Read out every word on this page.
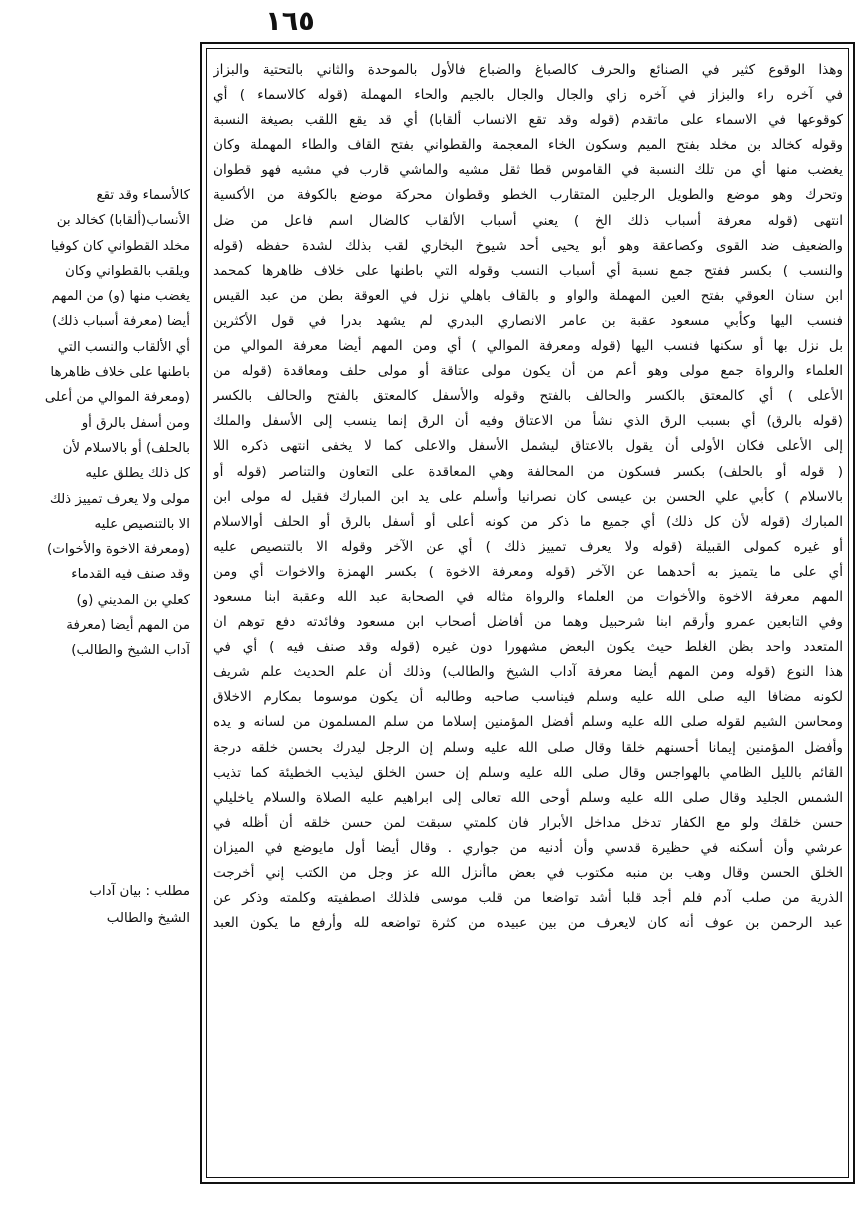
١٦٥
وهذا الوقوع كثير في الصنائع والحرف كالصباغ والضباع فالأول بالموحدة والثاني بالتحتية والبزاز
في آخره راء والبزاز في آخره زاي والجال والجال بالجيم والحاء المهملة (قوله كالاسماء ) أي
كوقوعها في الاسماء على ماتقدم (قوله وقد تقع الانساب ألقابا) أي قد يقع اللقب بصيغة النسبة
وقوله كخالد بن مخلد بفتح الميم وسكون الخاء المعجمة والقطواني بفتح القاف والطاء المهملة وكان
يغضب منها أي من تلك النسبة في القاموس قطا ثقل مشيه والماشي قارب في مشيه فهو قطوان
وتحرك وهو موضع والطويل الرجلين المتقارب الخطو وقطوان محركة موضع بالكوفة من الأكسية
انتهى (قوله معرفة أسباب ذلك الخ ) يعني أسباب الألقاب كالضال اسم فاعل من ضل
والضعيف ضد القوى وكصاعقة وهو أبو يحيى أحد شيوخ البخاري لقب بذلك لشدة حفظه (قوله
والنسب ) بكسر ففتح جمع نسبة أي أسباب النسب وقوله التي باطنها على خلاف ظاهرها كمحمد
ابن سنان العوقي بفتح العين المهملة والواو و بالقاف باهلي نزل في العوقة بطن من عبد القيس
فنسب اليها وكأبي مسعود عقبة بن عامر الانصاري البدري لم يشهد بدرا في قول الأكثرين
بل نزل بها أو سكنها فنسب اليها (قوله ومعرفة الموالي ) أي ومن المهم أيضا معرفة الموالي من
العلماء والرواة جمع مولى وهو أعم من أن يكون مولى عتاقة أو مولى حلف ومعاقدة (قوله من
الأعلى ) أي كالمعتق بالكسر والحالف بالفتح وقوله والأسفل كالمعتق بالفتح والحالف بالكسر
(قوله بالرق) أي بسبب الرق الذي نشأ من الاعتاق وفيه أن الرق إنما ينسب إلى الأسفل والملك
إلى الأعلى فكان الأولى أن يقول بالاعتاق ليشمل الأسفل والاعلى كما لا يخفى انتهى ذكره اللا
( قوله أو بالحلف) بكسر فسكون من المحالفة وهي المعاقدة على التعاون والتناصر (قوله أو
بالاسلام ) كأبي علي الحسن بن عيسى كان نصرانيا وأسلم على يد ابن المبارك فقيل له مولى ابن
المبارك (قوله لأن كل ذلك) أي جميع ما ذكر من كونه أعلى أو أسفل بالرق أو الحلف أوالاسلام
أو غيره كمولى القبيلة (قوله ولا يعرف تمييز ذلك ) أي عن الآخر وقوله الا بالتنصيص عليه
أي على ما يتميز به أحدهما عن الآخر (قوله ومعرفة الاخوة ) بكسر الهمزة والاخوات أي ومن
المهم معرفة الاخوة والأخوات من العلماء والرواة مثاله في الصحابة عبد الله وعقبة ابنا مسعود
وفي التابعين عمرو وأرقم ابنا شرحبيل وهما من أفاضل أصحاب ابن مسعود وفائدته دفع توهم ان
المتعدد واحد بظن الغلط حيث يكون البعض مشهورا دون غيره (قوله وقد صنف فيه ) أي في
هذا النوع (قوله ومن المهم أيضا معرفة آداب الشيخ والطالب) وذلك أن علم الحديث علم شريف
لكونه مضافا اليه صلى الله عليه وسلم فيناسب صاحبه وطالبه أن يكون موسوما بمكارم الاخلاق
ومحاسن الشيم لقوله صلى الله عليه وسلم أفضل المؤمنين إسلاما من سلم المسلمون من لسانه و يده
وأفضل المؤمنين إيمانا أحسنهم خلقا وقال صلى الله عليه وسلم إن الرجل ليدرك بحسن خلقه درجة
القائم بالليل الظامي بالهواجس وقال صلى الله عليه وسلم إن حسن الخلق ليذيب الخطيئة كما تذيب
الشمس الجليد وقال صلى الله عليه وسلم أوحى الله تعالى إلى ابراهيم عليه الصلاة والسلام ياخليلي
حسن خلقك ولو مع الكفار تدخل مداخل الأبرار فان كلمتي سبقت لمن حسن خلقه أن أظله في
عرشي وأن أسكنه في حظيرة قدسي وأن أدنيه من جواري . وقال أيضا أول مايوضع في الميزان
الخلق الحسن وقال وهب بن منبه مكتوب في بعض ماأنزل الله عز وجل من الكتب إني أخرجت
الذرية من صلب آدم فلم أجد قلبا أشد تواضعا من قلب موسى فلذلك اصطفيته وكلمته وذكر عن
عبد الرحمن بن عوف أنه كان لايعرف من بين عبيده من كثرة تواضعه لله وأرفع ما يكون العبد
كالأسماء وقد تقع
الأنساب(ألقابا) كخالد بن
مخلد القطواني كان كوفيا
ويلقب بالقطواني وكان
يغضب منها (و) من المهم
أيضا (معرفة أسباب ذلك)
أي الألقاب والنسب التي
باطنها على خلاف ظاهرها
(ومعرفة الموالي من أعلى
ومن أسفل بالرق أو
بالحلف) أو بالاسلام لأن
كل ذلك يطلق عليه
مولى ولا يعرف تمييز ذلك
الا بالتنصيص عليه
(ومعرفة الاخوة والأخوات)
وقد صنف فيه القدماء
كعلي بن المديني (و)
من المهم أيضا (معرفة
آداب الشيخ والطالب)
مطلب : بيان آداب
الشيخ والطالب
